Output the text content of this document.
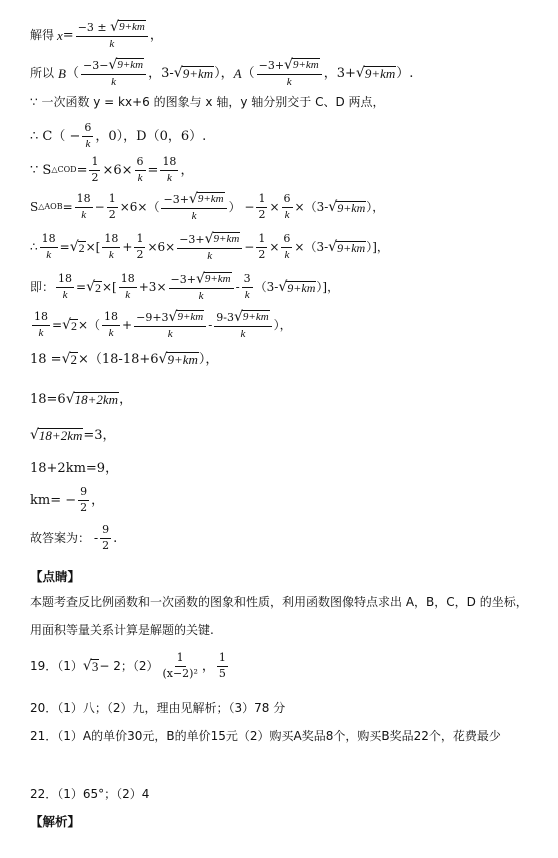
解得 $x = \frac{-3 \pm √ 9+km}{k}$ ，
所以 B （ $\frac{-3- √ 9+km}{k}$ ，3- √ 9+km ）， A （ $\frac{-3+ √ 9+km}{k}$ ，3+ √ 9+km ）.
∵ 一次函数 y = kx+6 的图象与 x 轴，y 轴分别交于 C、D 两点，
∴ $C( - \frac{6}{k}$ ，0），D（0，6）.
∵ S △COD = $\frac{1}{2} \times 6\times \frac{6}{k} = \frac{18}{k}$ ，
S △AOB = $\frac{18}{k} - \frac{1}{2} \times 6\times( \frac{-3+ √ 9+km}{k}$ ） − $\frac{1}{2} \times \frac{6}{k} \times(3-$ √ 9+km ），
∴ $\frac{18}{k}$ = √ 2 ×[ $\frac{18}{k} + \frac{1}{2} \times 6\times \frac{-3+ √ 9+km}{k} - \frac{1}{2} \times \frac{6}{k} \times(3-$ √ 9+km ）]，
即： $\frac{18}{k}$ = √ 2 ×[ $\frac{18}{k} +3\times \frac{-3+ √ 9+km}{k} - \frac{3}{k} (3-$ √ 9+km ）]，
$\frac{18}{k}$ = √ 2 ×（ $\frac{18}{k} + \frac{-9+3 √ 9+km}{k} - \frac{9-3 √ 9+km}{k}$ ），
18 = √ 2 ×（18-18+6 √ 9+km ），
18=6 √ 18+2km ，
√ 18+2km =3，
18+2km=9，
$km= - \frac{9}{2}$ ，
故答案为： - $\frac{9}{2}$ .
【点睛】
本题考查反比例函数和一次函数的图象和性质，利用函数图像特点求出 A，B，C，D 的坐标，用面积等量关系计算是解题的关键.
19．（1） √ 3 − 2；$(2) \frac{1}{\text{(x−2)²}}$ ， $\frac{1}{5}$
20．（1）八；（2）九，理由见解析；（3）78 分
21．（1）A的单价30元，B的单价15元（2）购买A奖品8个，购买B奖品22个，花费最少
22．（1）65°；（2）4
【解析】
